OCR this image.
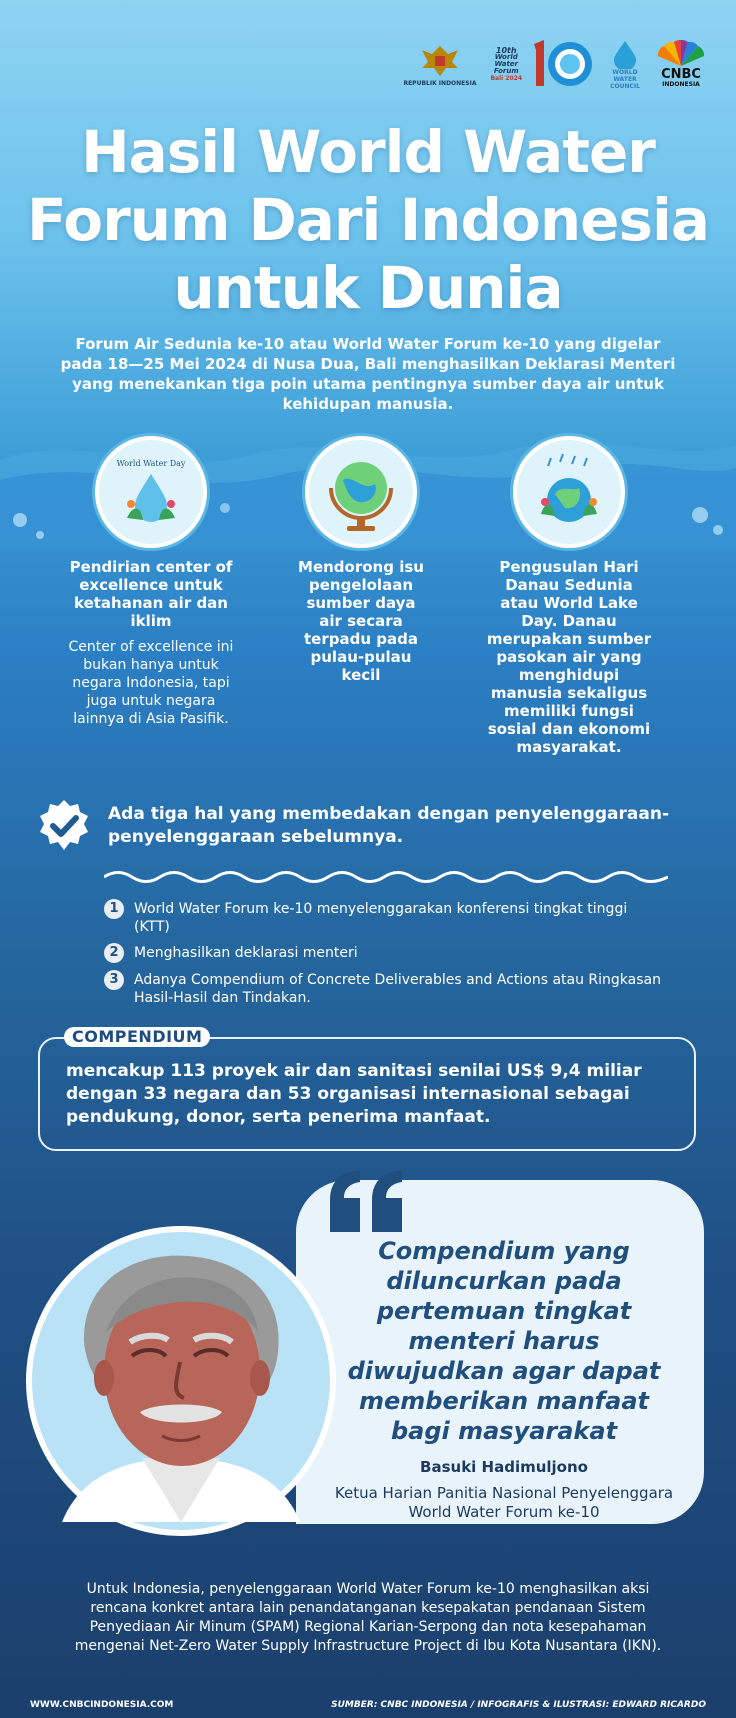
REPUBLIK INDONESIA
10th
World
Water
Forum
Bali 2024
WORLD
WATER
COUNCIL
CNBC
INDONESIA
Hasil World Water
Forum Dari Indonesia
untuk Dunia

Forum Air Sedunia ke-10 atau World Water Forum ke-10 yang digelar pada 18—25 Mei 2024 di Nusa Dua, Bali menghasilkan Deklarasi Menteri yang menekankan tiga poin utama pentingnya sumber daya air untuk kehidupan manusia.

World Water Day
Pendirian center of excellence untuk ketahanan air dan iklim
Center of excellence ini bukan hanya untuk negara Indonesia, tapi juga untuk negara lainnya di Asia Pasifik.
Mendorong isu pengelolaan sumber daya air secara terpadu pada pulau-pulau kecil
Pengusulan Hari Danau Sedunia atau World Lake Day. Danau merupakan sumber pasokan air yang menghidupi manusia sekaligus memiliki fungsi sosial dan ekonomi masyarakat.
Ada tiga hal yang membedakan dengan penyelenggaraan-penyelenggaraan sebelumnya.
1	World Water Forum ke-10 menyelenggarakan konferensi tingkat tinggi (KTT)
2	Menghasilkan deklarasi menteri
3	Adanya Compendium of Concrete Deliverables and Actions atau Ringkasan Hasil-Hasil dan Tindakan.
COMPENDIUM
mencakup 113 proyek air dan sanitasi senilai US$ 9,4 miliar dengan 33 negara dan 53 organisasi internasional sebagai pendukung, donor, serta penerima manfaat.
Compendium yang diluncurkan pada pertemuan tingkat menteri harus diwujudkan agar dapat memberikan manfaat bagi masyarakat
Basuki Hadimuljono
Ketua Harian Panitia Nasional Penyelenggara World Water Forum ke-10

Untuk Indonesia, penyelenggaraan World Water Forum ke-10 menghasilkan aksi rencana konkret antara lain penandatanganan kesepakatan pendanaan Sistem Penyediaan Air Minum (SPAM) Regional Karian-Serpong dan nota kesepahaman mengenai Net-Zero Water Supply Infrastructure Project di Ibu Kota Nusantara (IKN).

WWW.CNBCINDONESIA.COM	SUMBER: CNBC INDONESIA / INFOGRAFIS & ILUSTRASI: EDWARD RICARDO
